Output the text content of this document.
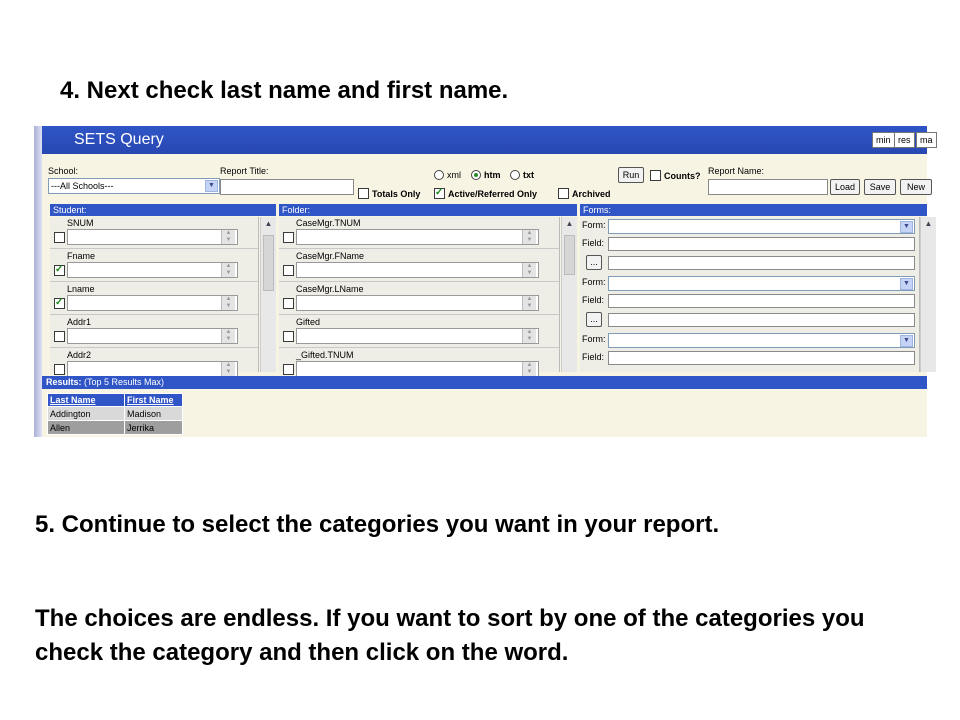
4. Next check last name and first name.
SETS Query	min res	ma
School:
---All Schools---	▼
Report Title:	xml	htm	txt	Run	Counts? Report Name:
Load	Save	New
Totals Only ✓	Active/Referred Only	Archived
Student:
SNUM
▲
▼
✓
Fname
▲
▼
✓
Lname
▲
▼
Addr1
▲
▼
Addr2
▲
▼
▲
Folder:
CaseMgr.TNUM
▲
▼
CaseMgr.FName
▲
▼
CaseMgr.LName
▲
▼
Gifted
▲
▼
_Gifted.TNUM
▲
▼
▲
Forms:
Form:	▼
Field:
...
Form:	▼
Field:
...
Form:	▼
Field:
▲
Results: (Top 5 Results Max)
Last Name	First Name
Addington	Madison
Allen	Jerrika
5. Continue to select the categories you want in your report.
The choices are endless. If you want to sort by one of the categories you check the category and then click on the word.
